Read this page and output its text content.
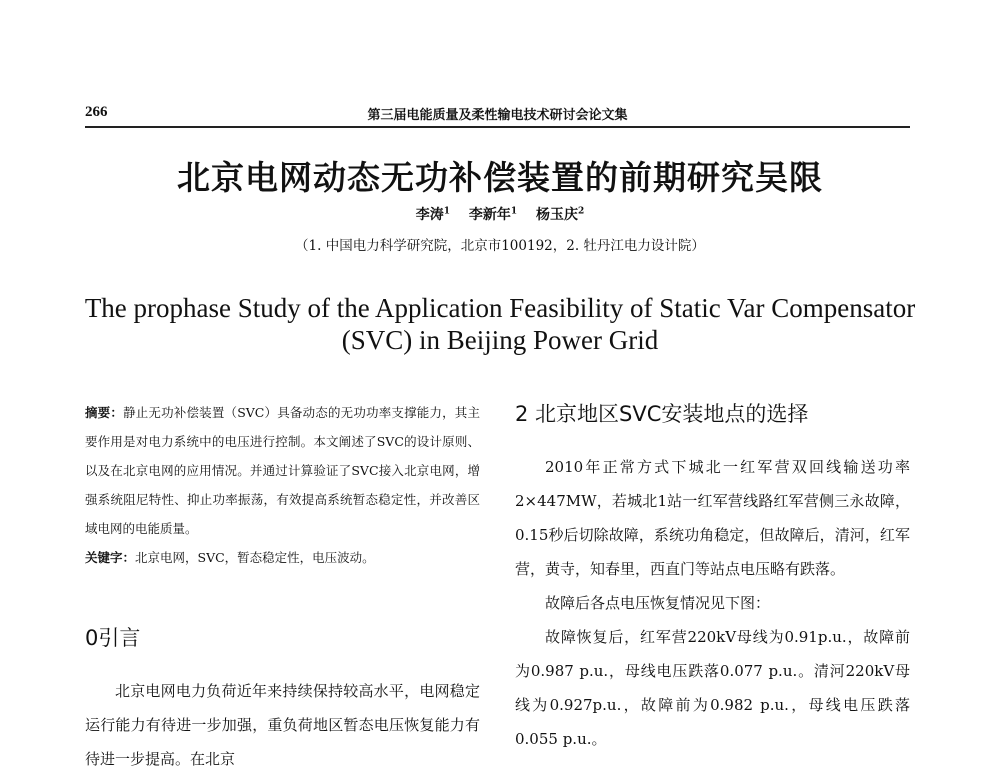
266	第三届电能质量及柔性输电技术研讨会论文集
北京电网动态无功补偿装置的前期研究吴限
李涛$^1$ 李新年$^1$ 杨玉庆$^2$
（1. 中国电力科学研究院，北京市100192，2. 牡丹江电力设计院）
The prophase Study of the Application Feasibility of Static Var Compensator (SVC) in Beijing Power Grid
摘要：静止无功补偿装置（SVC）具备动态的无功功率支撑能力，其主要作用是对电力系统中的电压进行控制。本文阐述了SVC的设计原则、以及在北京电网的应用情况。并通过计算验证了SVC接入北京电网，增强系统阻尼特性、抑止功率振荡，有效提高系统暂态稳定性，并改善区域电网的电能质量。
关键字：北京电网，SVC，暂态稳定性，电压波动。
0引言
北京电网电力负荷近年来持续保持较高水平，电网稳定运行能力有待进一步加强，重负荷地区暂态电压恢复能力有待进一步提高。在北京
2 北京地区SVC安装地点的选择

2010年正常方式下城北一红军营双回线输送功率2×447MW，若城北1站一红军营线路红军营侧三永故障，0.15秒后切除故障，系统功角稳定，但故障后，清河，红军营，黄寺，知春里，西直门等站点电压略有跌落。

故障后各点电压恢复情况见下图：

故障恢复后，红军营220kV母线为0.91p.u.，故障前为0.987 p.u.，母线电压跌落0.077 p.u.。清河220kV母线为0.927p.u.，故障前为0.982 p.u.，母线电压跌落0.055 p.u.。
